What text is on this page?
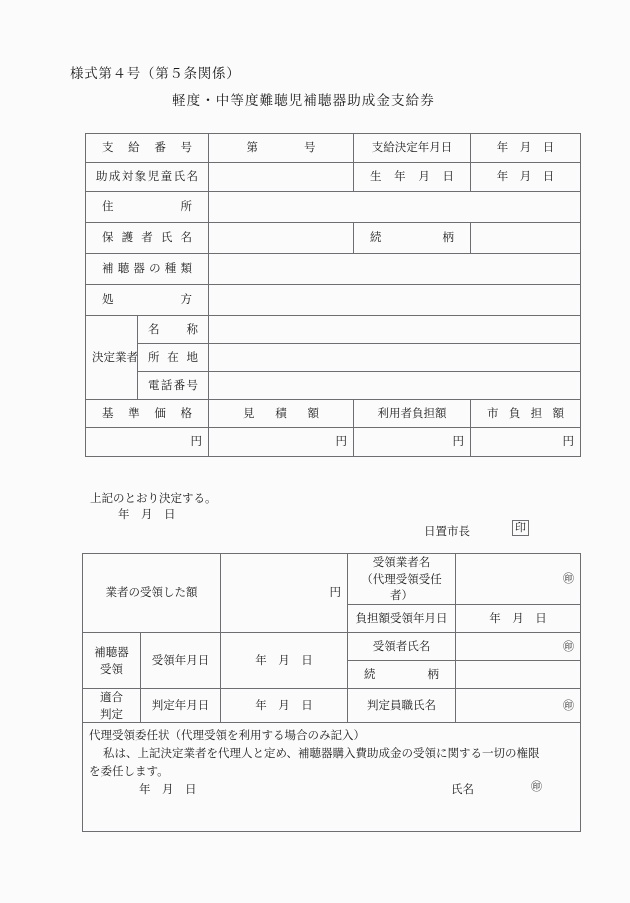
様式第４号（第５条関係）
軽度・中等度難聴児補聴器助成金支給券
支給番号		第　　　　号	支給決定年月日	年　月　日

助成対象児童氏名			生年月日	年　月　日

住所				

保護者氏名			続柄	

補聴器の種類				

処方				

決定業者	名称			

	所在地			

	電話番号			

基準価格		見積額	利用者負担額	市負担額

円		円	円	円
上記のとおり決定する。
年　月　日
日置市長	印
業者の受領した額		円	受領業者名
（代理受領受任者）	㊞
			負担額受領年月日	年　月　日

補聴器
受領	受領年月日	年　月　日	受領者氏名	㊞

			続柄	

適合
判定	判定年月日	年　月　日	判定員職氏名	㊞

代理受領委任状（代理受領を利用する場合のみ記入）
私は、上記決定業者を代理人と定め、補聴器購入費助成金の受領に関する一切の権限
を委任します。
年　月　日	氏名	㊞
